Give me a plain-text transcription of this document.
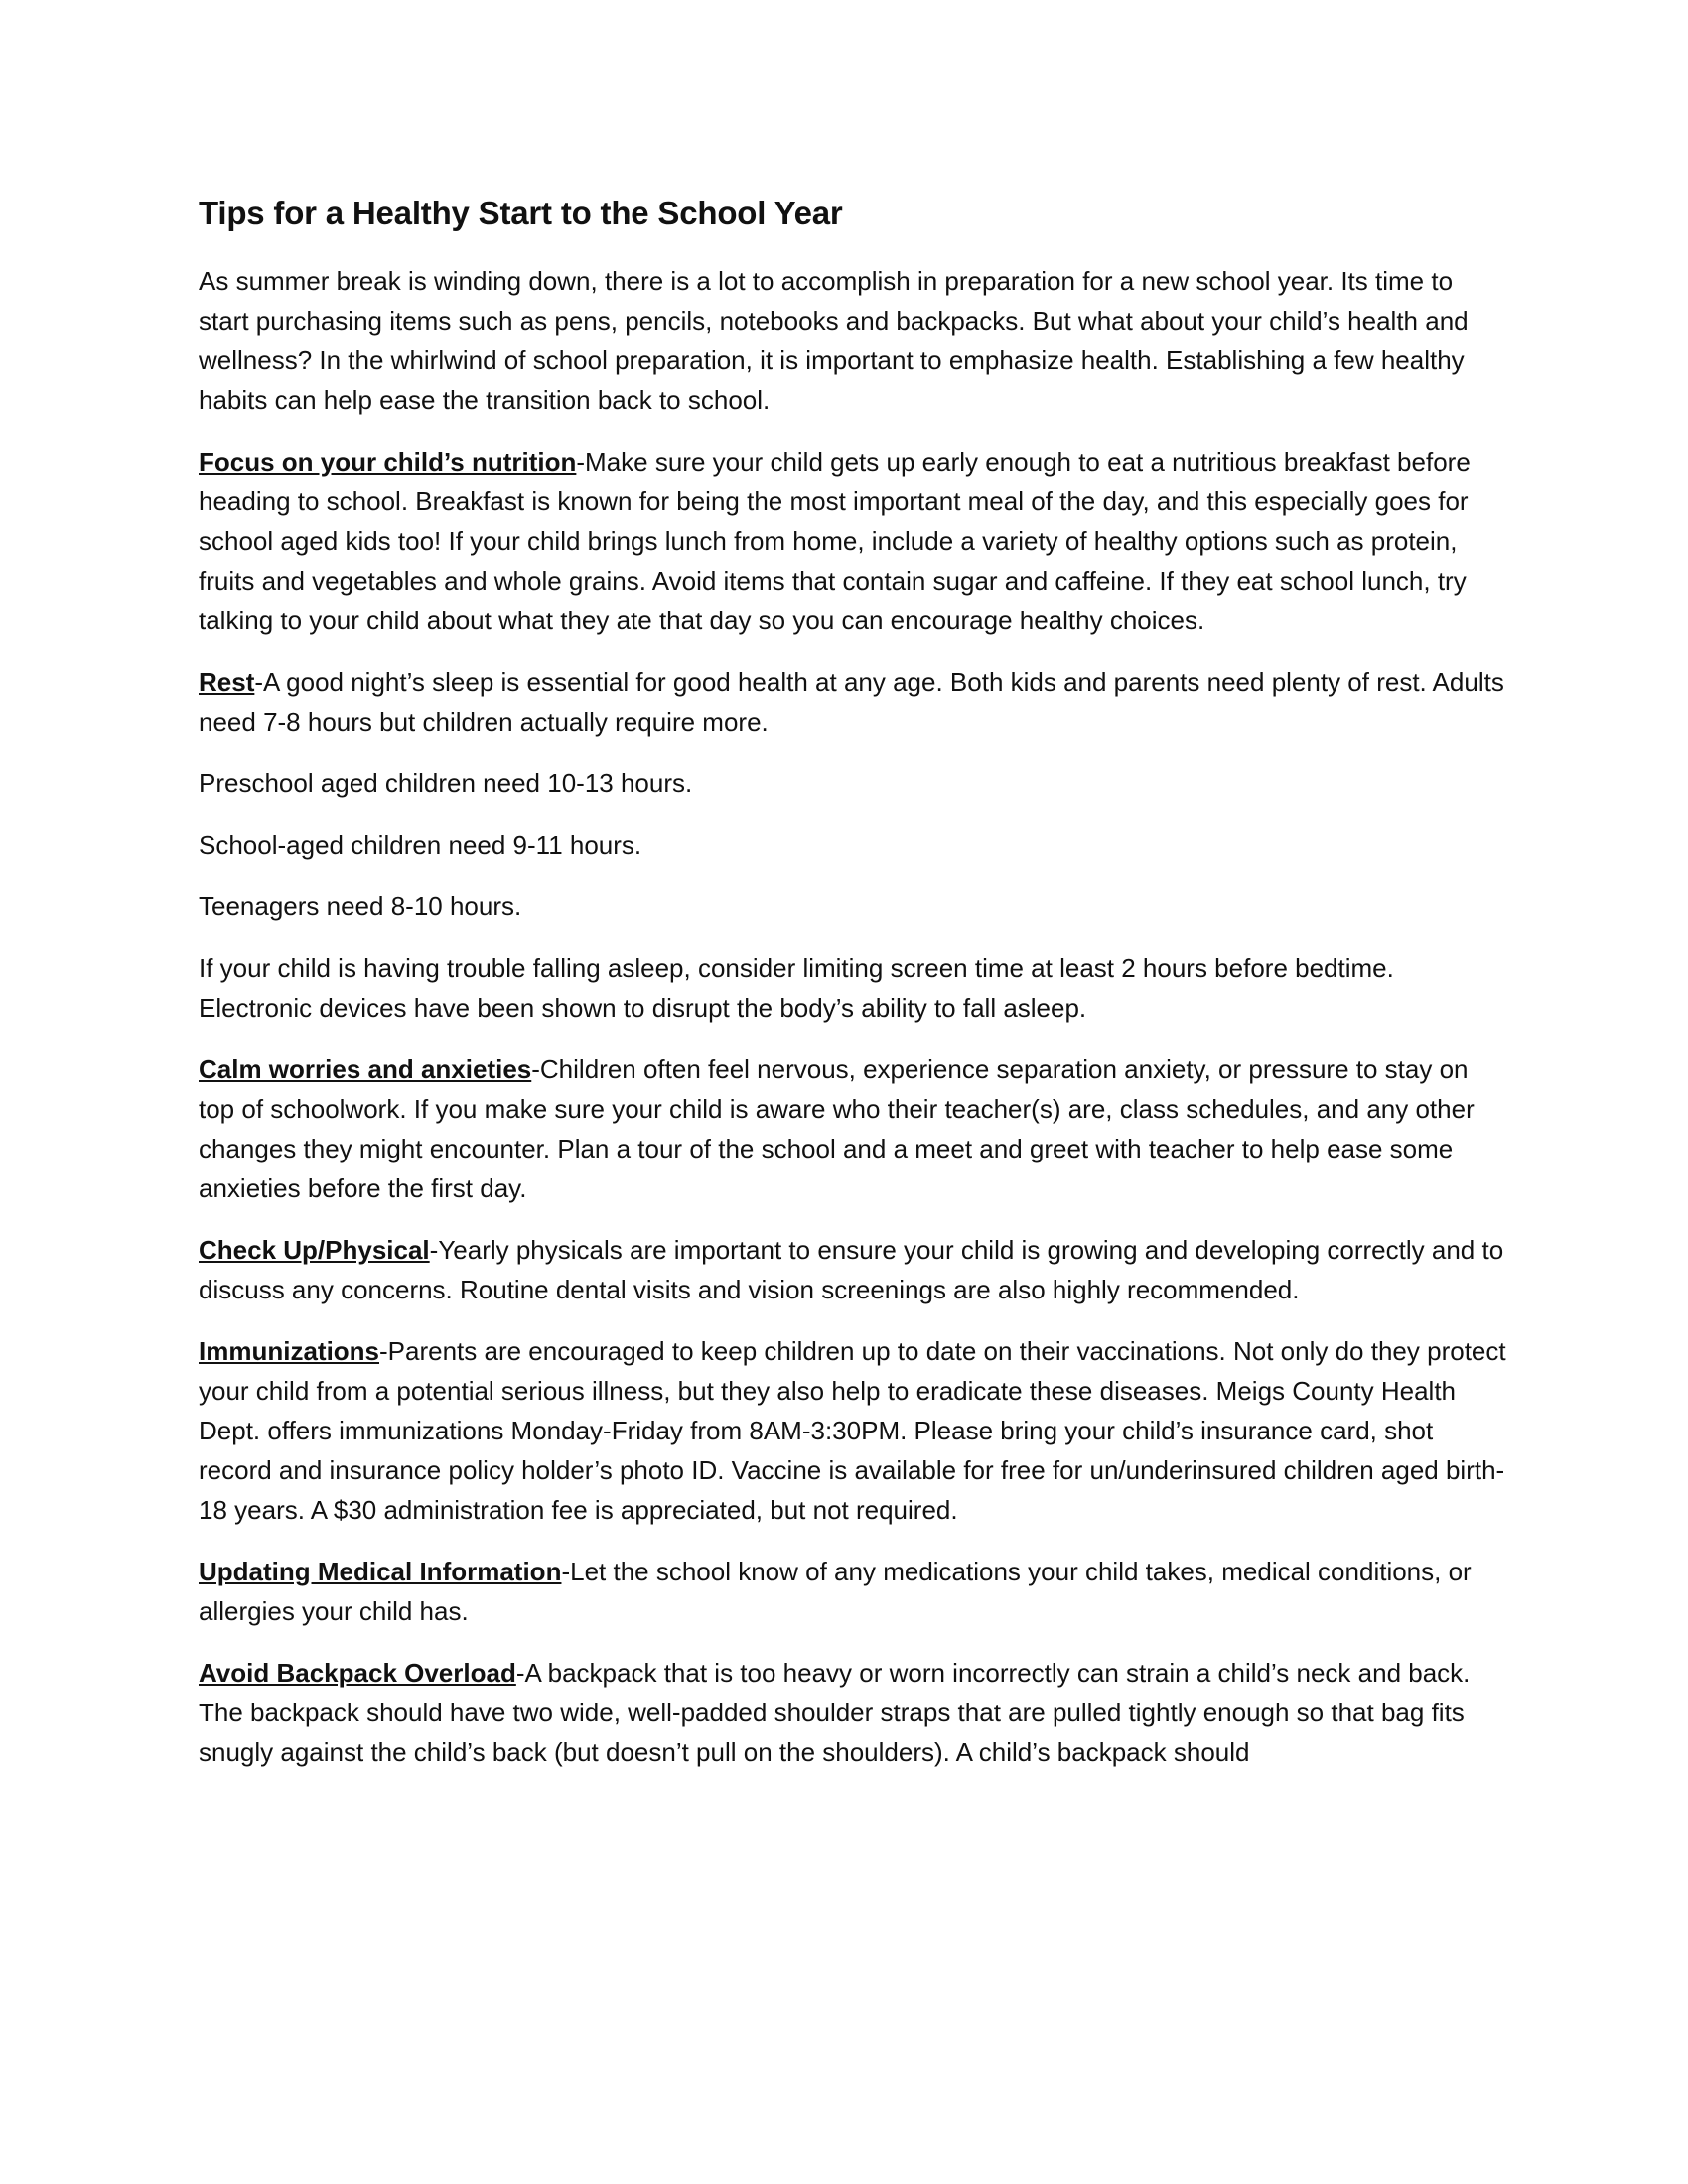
Tips for a Healthy Start to the School Year

As summer break is winding down, there is a lot to accomplish in preparation for a new school year. Its time to start purchasing items such as pens, pencils, notebooks and backpacks. But what about your child’s health and wellness? In the whirlwind of school preparation, it is important to emphasize health. Establishing a few healthy habits can help ease the transition back to school.

Focus on your child’s nutrition-Make sure your child gets up early enough to eat a nutritious breakfast before heading to school. Breakfast is known for being the most important meal of the day, and this especially goes for school aged kids too! If your child brings lunch from home, include a variety of healthy options such as protein, fruits and vegetables and whole grains. Avoid items that contain sugar and caffeine. If they eat school lunch, try talking to your child about what they ate that day so you can encourage healthy choices.

Rest-A good night’s sleep is essential for good health at any age. Both kids and parents need plenty of rest. Adults need 7-8 hours but children actually require more.

Preschool aged children need 10-13 hours.

School-aged children need 9-11 hours.

Teenagers need 8-10 hours.

If your child is having trouble falling asleep, consider limiting screen time at least 2 hours before bedtime. Electronic devices have been shown to disrupt the body’s ability to fall asleep.

Calm worries and anxieties-Children often feel nervous, experience separation anxiety, or pressure to stay on top of schoolwork. If you make sure your child is aware who their teacher(s) are, class schedules, and any other changes they might encounter. Plan a tour of the school and a meet and greet with teacher to help ease some anxieties before the first day.

Check Up/Physical-Yearly physicals are important to ensure your child is growing and developing correctly and to discuss any concerns. Routine dental visits and vision screenings are also highly recommended.

Immunizations-Parents are encouraged to keep children up to date on their vaccinations. Not only do they protect your child from a potential serious illness, but they also help to eradicate these diseases. Meigs County Health Dept. offers immunizations Monday-Friday from 8AM-3:30PM. Please bring your child’s insurance card, shot record and insurance policy holder’s photo ID. Vaccine is available for free for un/underinsured children aged birth-18 years. A $30 administration fee is appreciated, but not required.

Updating Medical Information-Let the school know of any medications your child takes, medical conditions, or allergies your child has.

Avoid Backpack Overload-A backpack that is too heavy or worn incorrectly can strain a child’s neck and back. The backpack should have two wide, well-padded shoulder straps that are pulled tightly enough so that bag fits snugly against the child’s back (but doesn’t pull on the shoulders). A child’s backpack should
